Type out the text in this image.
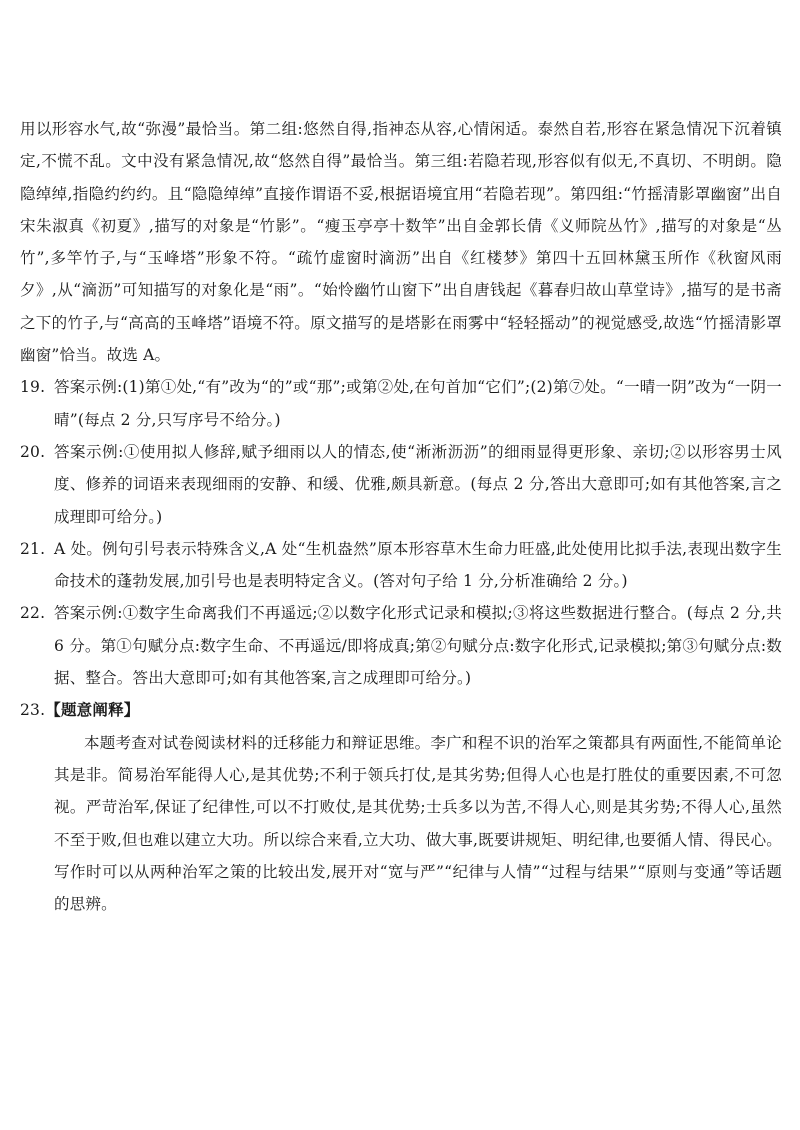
用以形容水气,故“弥漫”最恰当。第二组:悠然自得,指神态从容,心情闲适。泰然自若,形容在紧急情况下沉着镇定,不慌不乱。文中没有紧急情况,故“悠然自得”最恰当。第三组:若隐若现,形容似有似无,不真切、不明朗。隐隐绰绰,指隐约约约。且“隐隐绰绰”直接作谓语不妥,根据语境宜用“若隐若现”。第四组:“竹摇清影罩幽窗”出自宋朱淑真《初夏》,描写的对象是“竹影”。“瘦玉亭亭十数竿”出自金郭长倩《义师院丛竹》,描写的对象是“丛竹”,多竿竹子,与“玉峰塔”形象不符。“疏竹虚窗时滴沥”出自《红楼梦》第四十五回林黛玉所作《秋窗风雨夕》,从“滴沥”可知描写的对象化是“雨”。“始怜幽竹山窗下”出自唐钱起《暮春归故山草堂诗》,描写的是书斋之下的竹子,与“高高的玉峰塔”语境不符。原文描写的是塔影在雨雾中“轻轻摇动”的视觉感受,故选“竹摇清影罩幽窗”恰当。故选 A。

19. 答案示例:(1)第①处,“有”改为“的”或“那”;或第②处,在句首加“它们”;(2)第⑦处。“一晴一阴”改为“一阴一晴”(每点 2 分,只写序号不给分。)
20. 答案示例:①使用拟人修辞,赋予细雨以人的情态,使“淅淅沥沥”的细雨显得更形象、亲切;②以形容男士风度、修养的词语来表现细雨的安静、和缓、优雅,颇具新意。(每点 2 分,答出大意即可;如有其他答案,言之成理即可给分。)
21. A 处。例句引号表示特殊含义,A 处“生机盎然”原本形容草木生命力旺盛,此处使用比拟手法,表现出数字生命技术的蓬勃发展,加引号也是表明特定含义。(答对句子给 1 分,分析准确给 2 分。)
22. 答案示例:①数字生命离我们不再遥远;②以数字化形式记录和模拟;③将这些数据进行整合。(每点 2 分,共 6 分。第①句赋分点:数字生命、不再遥远/即将成真;第②句赋分点:数字化形式,记录模拟;第③句赋分点:数据、整合。答出大意即可;如有其他答案,言之成理即可给分。)

23.【题意阐释】

本题考查对试卷阅读材料的迁移能力和辩证思维。李广和程不识的治军之策都具有两面性,不能简单论其是非。简易治军能得人心,是其优势;不利于领兵打仗,是其劣势;但得人心也是打胜仗的重要因素,不可忽视。严苛治军,保证了纪律性,可以不打败仗,是其优势;士兵多以为苦,不得人心,则是其劣势;不得人心,虽然不至于败,但也难以建立大功。所以综合来看,立大功、做大事,既要讲规矩、明纪律,也要循人情、得民心。写作时可以从两种治军之策的比较出发,展开对“宽与严”“纪律与人情”“过程与结果”“原则与变通”等话题的思辨。
